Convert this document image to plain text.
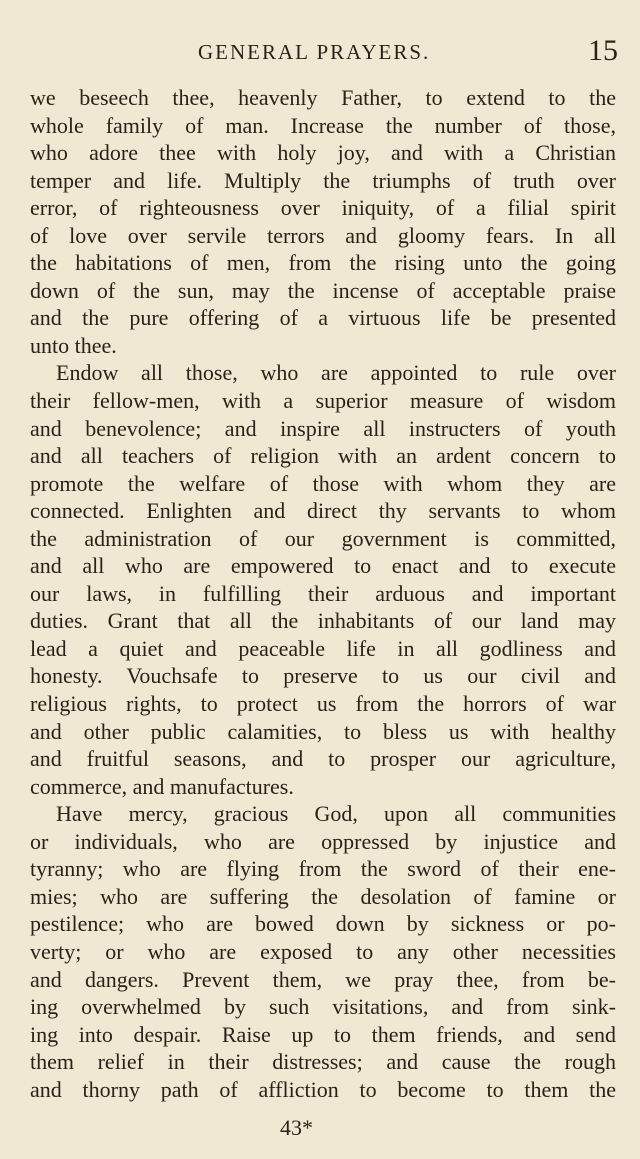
GENERAL PRAYERS.	15
we beseech thee, heavenly Father, to extend to the
whole family of man. Increase the number of those,
who adore thee with holy joy, and with a Christian
temper and life. Multiply the triumphs of truth over
error, of righteousness over iniquity, of a filial spirit
of love over servile terrors and gloomy fears. In all
the habitations of men, from the rising unto the going
down of the sun, may the incense of acceptable praise
and the pure offering of a virtuous life be presented
unto thee.
Endow all those, who are appointed to rule over
their fellow-men, with a superior measure of wisdom
and benevolence; and inspire all instructers of youth
and all teachers of religion with an ardent concern to
promote the welfare of those with whom they are
connected. Enlighten and direct thy servants to whom
the administration of our government is committed,
and all who are empowered to enact and to execute
our laws, in fulfilling their arduous and important
duties. Grant that all the inhabitants of our land may
lead a quiet and peaceable life in all godliness and
honesty. Vouchsafe to preserve to us our civil and
religious rights, to protect us from the horrors of war
and other public calamities, to bless us with healthy
and fruitful seasons, and to prosper our agriculture,
commerce, and manufactures.
Have mercy, gracious God, upon all communities
or individuals, who are oppressed by injustice and
tyranny; who are flying from the sword of their ene-
mies; who are suffering the desolation of famine or
pestilence; who are bowed down by sickness or po-
verty; or who are exposed to any other necessities
and dangers. Prevent them, we pray thee, from be-
ing overwhelmed by such visitations, and from sink-
ing into despair. Raise up to them friends, and send
them relief in their distresses; and cause the rough
and thorny path of affliction to become to them the
43*
